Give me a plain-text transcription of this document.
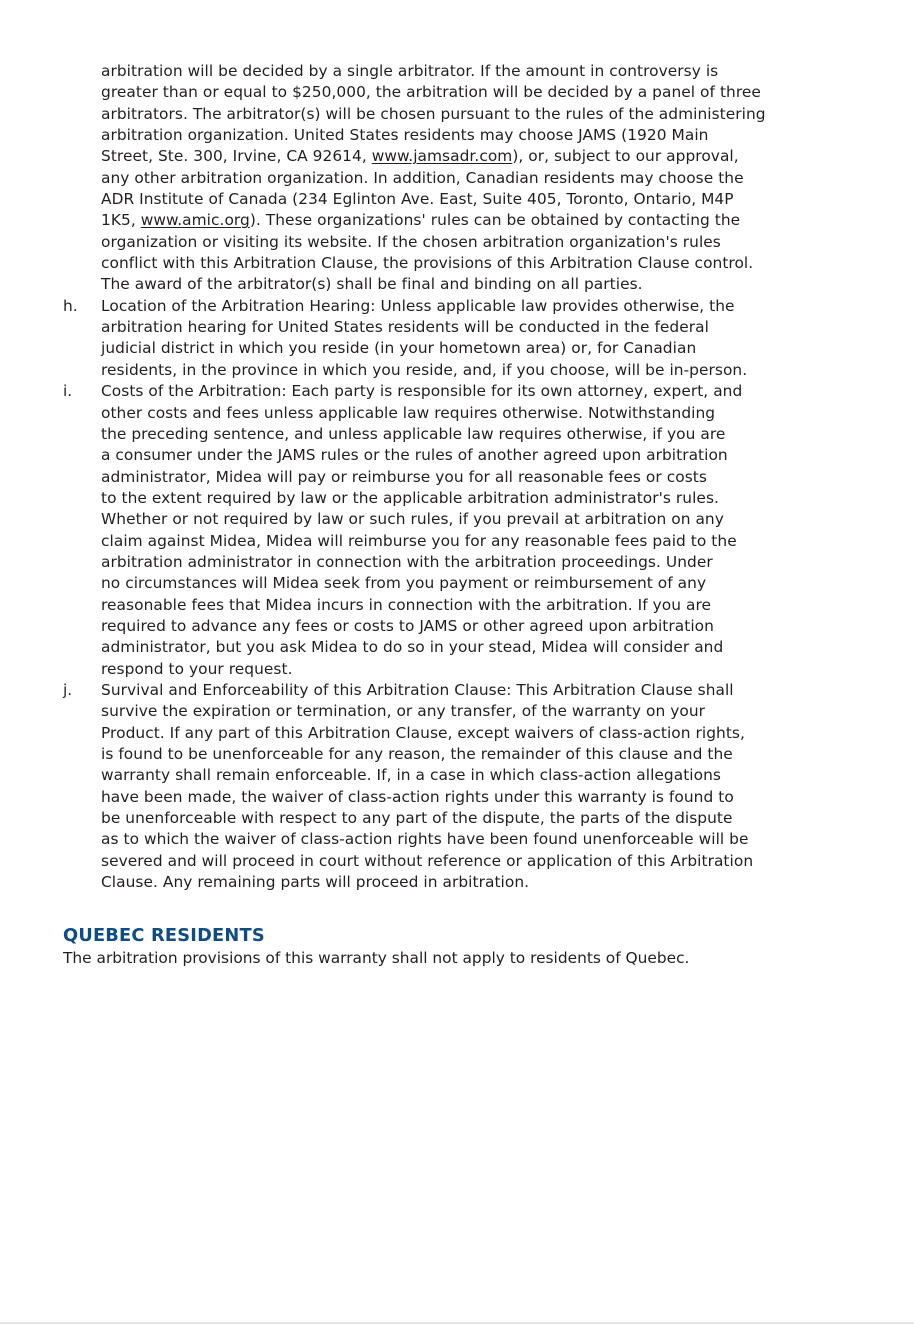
arbitration will be decided by a single arbitrator. If the amount in controversy is
greater than or equal to $250,000, the arbitration will be decided by a panel of three
arbitrators. The arbitrator(s) will be chosen pursuant to the rules of the administering
arbitration organization. United States residents may choose JAMS (1920 Main
Street, Ste. 300, Irvine, CA 92614, www.jamsadr.com), or, subject to our approval,
any other arbitration organization. In addition, Canadian residents may choose the
ADR Institute of Canada (234 Eglinton Ave. East, Suite 405, Toronto, Ontario, M4P
1K5, www.amic.org). These organizations' rules can be obtained by contacting the
organization or visiting its website. If the chosen arbitration organization's rules
conflict with this Arbitration Clause, the provisions of this Arbitration Clause control.
The award of the arbitrator(s) shall be final and binding on all parties.
h. Location of the Arbitration Hearing: Unless applicable law provides otherwise, the
arbitration hearing for United States residents will be conducted in the federal
judicial district in which you reside (in your hometown area) or, for Canadian
residents, in the province in which you reside, and, if you choose, will be in-person.
i. Costs of the Arbitration: Each party is responsible for its own attorney, expert, and
other costs and fees unless applicable law requires otherwise. Notwithstanding
the preceding sentence, and unless applicable law requires otherwise, if you are
a consumer under the JAMS rules or the rules of another agreed upon arbitration
administrator, Midea will pay or reimburse you for all reasonable fees or costs
to the extent required by law or the applicable arbitration administrator's rules.
Whether or not required by law or such rules, if you prevail at arbitration on any
claim against Midea, Midea will reimburse you for any reasonable fees paid to the
arbitration administrator in connection with the arbitration proceedings. Under
no circumstances will Midea seek from you payment or reimbursement of any
reasonable fees that Midea incurs in connection with the arbitration. If you are
required to advance any fees or costs to JAMS or other agreed upon arbitration
administrator, but you ask Midea to do so in your stead, Midea will consider and
respond to your request.
j. Survival and Enforceability of this Arbitration Clause: This Arbitration Clause shall
survive the expiration or termination, or any transfer, of the warranty on your
Product. If any part of this Arbitration Clause, except waivers of class-action rights,
is found to be unenforceable for any reason, the remainder of this clause and the
warranty shall remain enforceable. If, in a case in which class-action allegations
have been made, the waiver of class-action rights under this warranty is found to
be unenforceable with respect to any part of the dispute, the parts of the dispute
as to which the waiver of class-action rights have been found unenforceable will be
severed and will proceed in court without reference or application of this Arbitration
Clause. Any remaining parts will proceed in arbitration.
QUEBEC RESIDENTS

The arbitration provisions of this warranty shall not apply to residents of Quebec.
